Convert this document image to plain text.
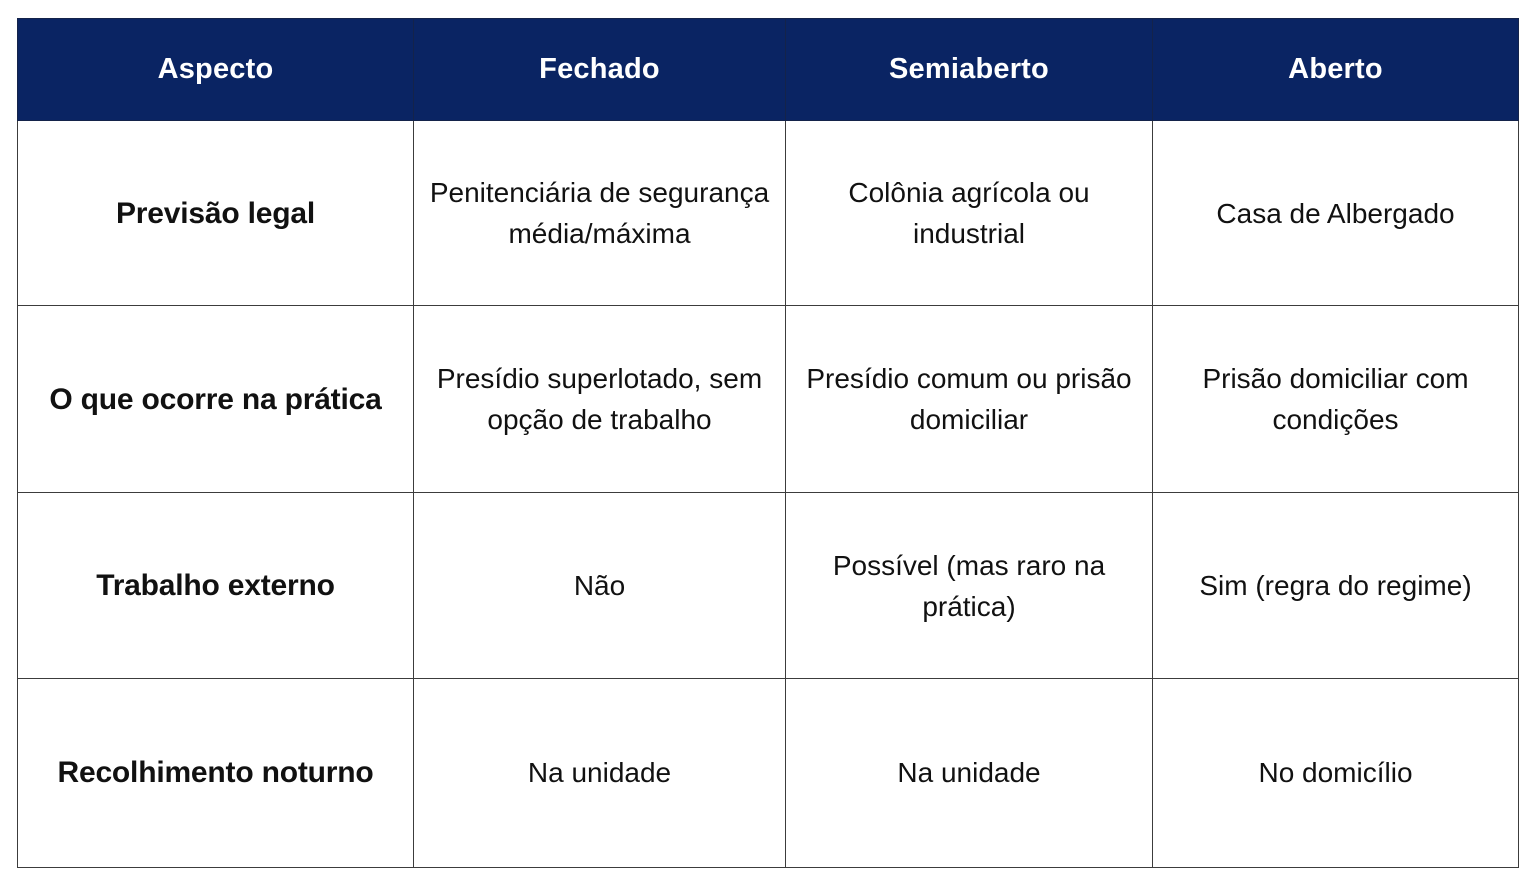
Aspecto	Fechado	Semiaberto	Aberto
Previsão legal	Penitenciária de segurança média/máxima	Colônia agrícola ou industrial	Casa de Albergado
O que ocorre na prática	Presídio superlotado, sem opção de trabalho	Presídio comum ou prisão domiciliar	Prisão domiciliar com condições
Trabalho externo	Não	Possível (mas raro na prática)	Sim (regra do regime)
Recolhimento noturno	Na unidade	Na unidade	No domicílio
